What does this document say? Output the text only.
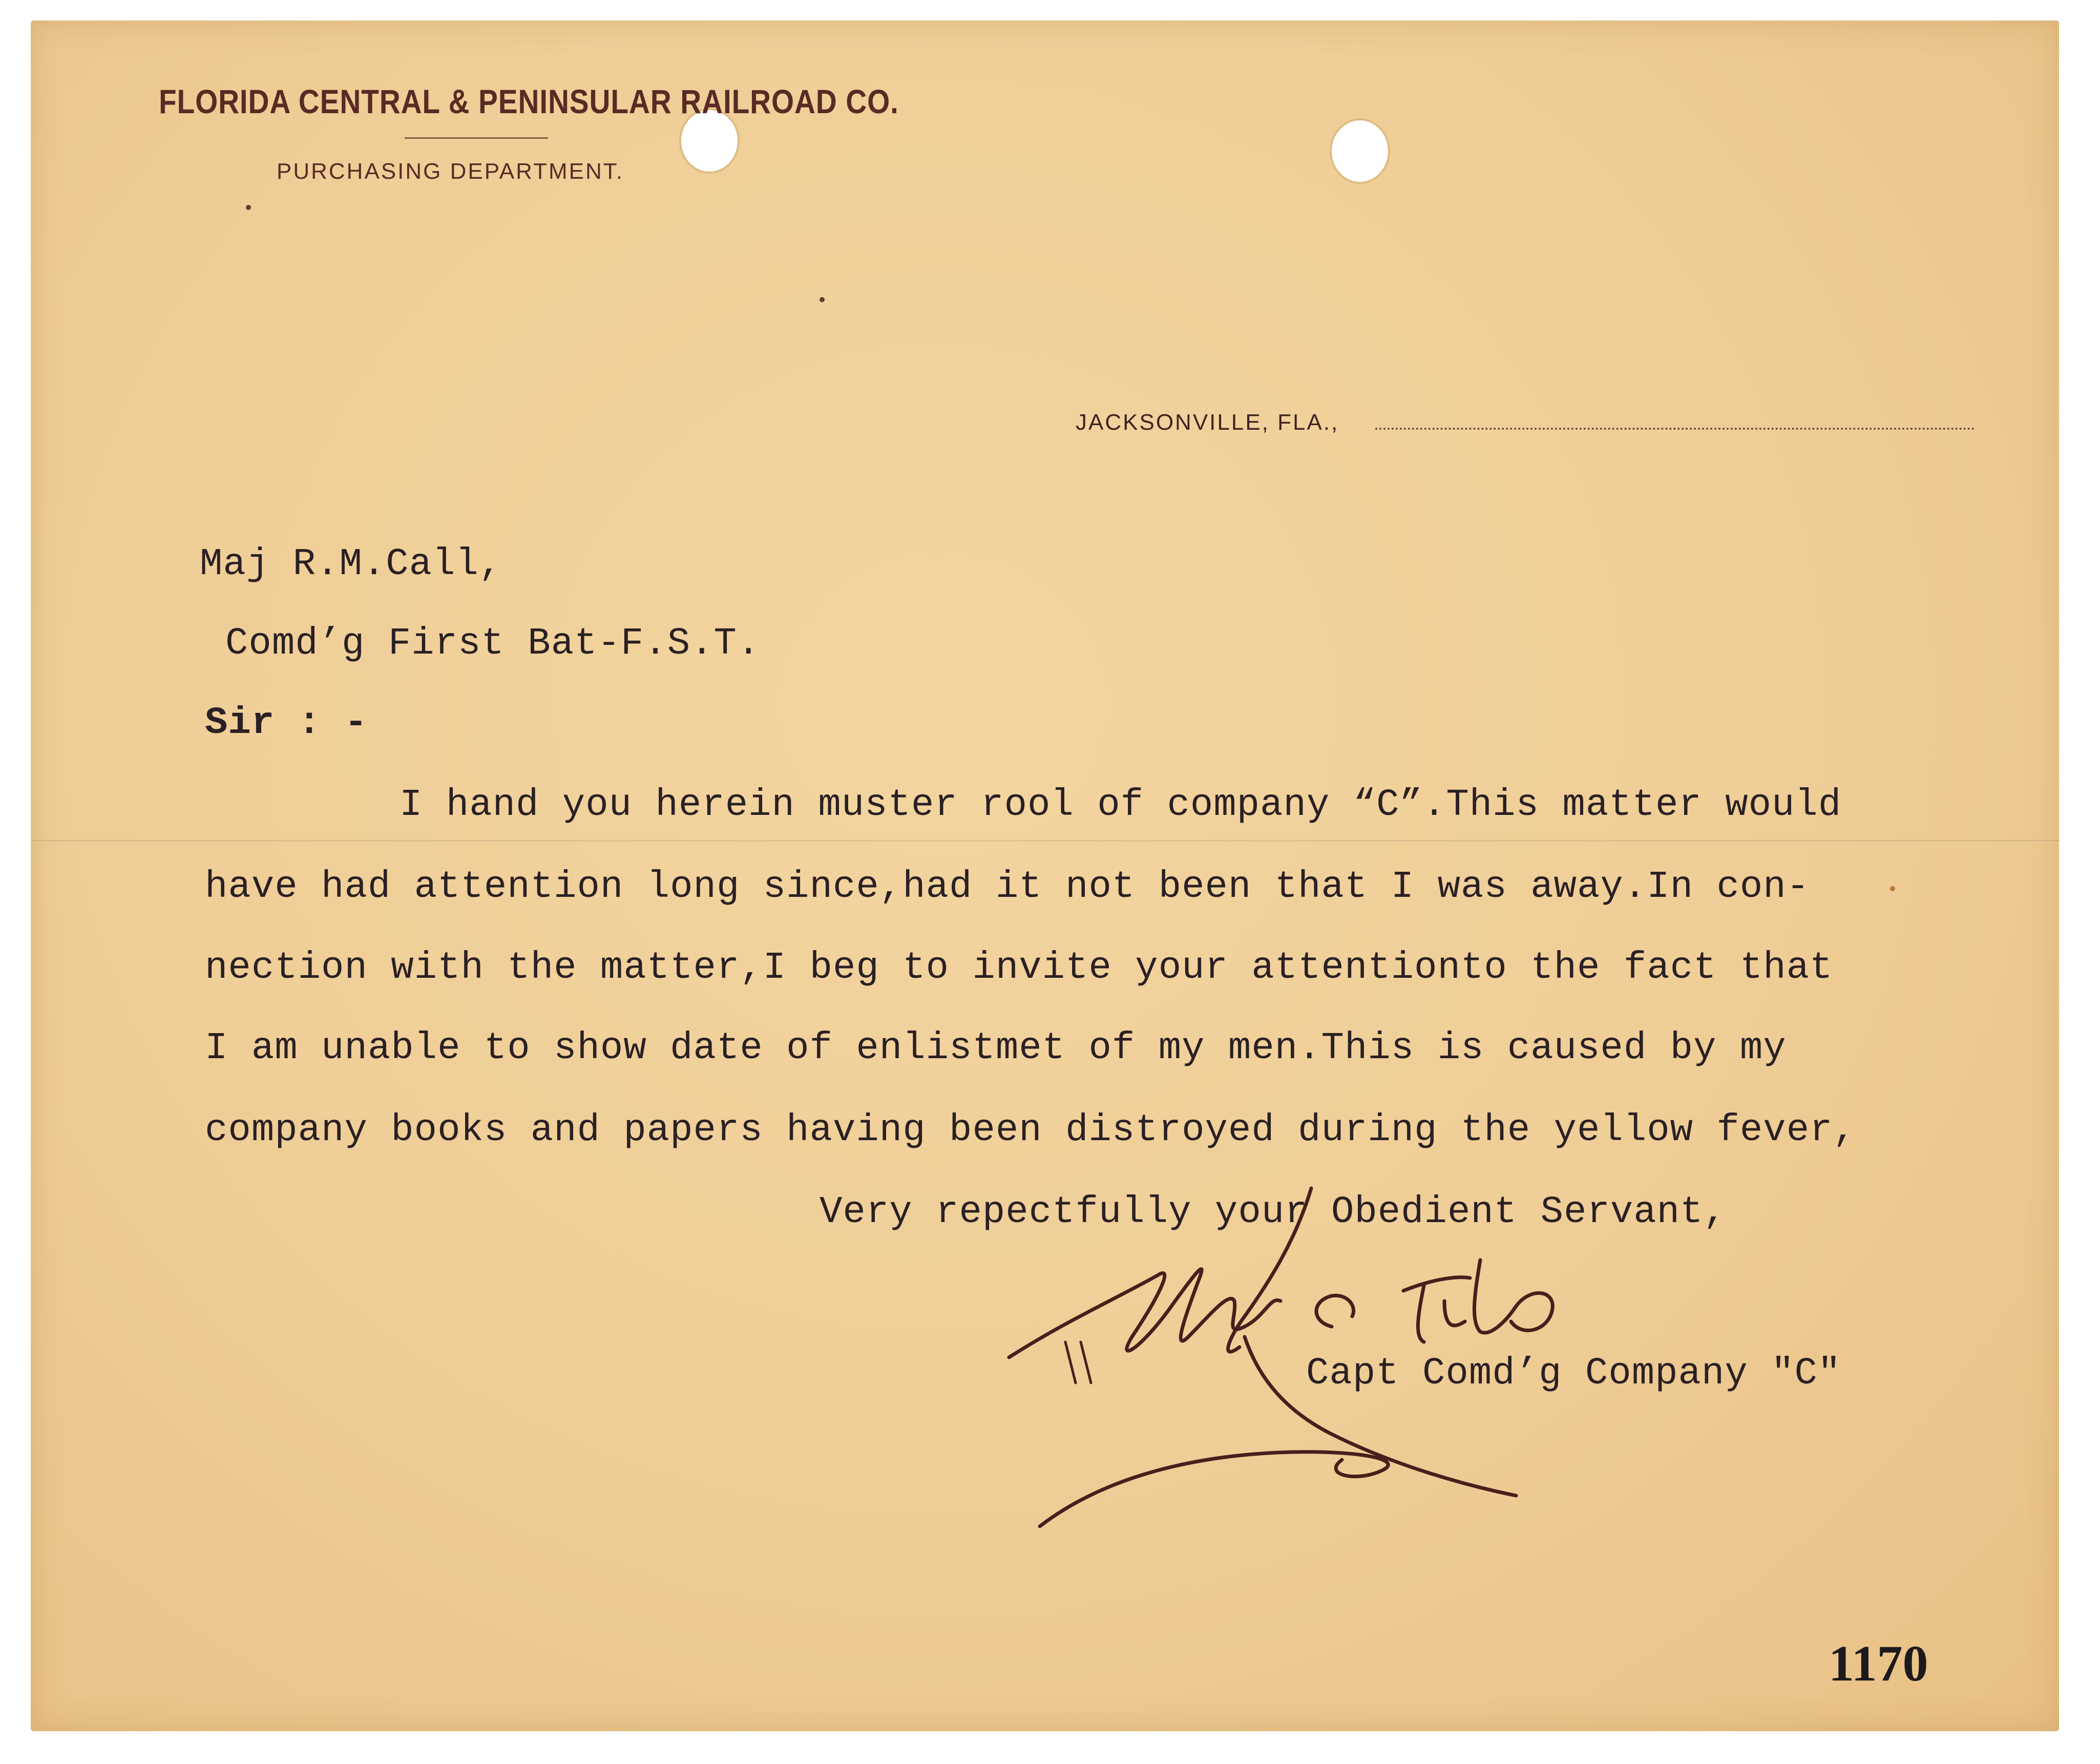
FLORIDA CENTRAL & PENINSULAR RAILROAD CO.
PURCHASING DEPARTMENT.
JACKSONVILLE, FLA.,
Maj R.M.Call,
Comd’g First Bat-F.S.T.
Sir : -
I hand you herein muster rool of company “C”.This matter would
have had attention long since,had it not been that I was away.In con-
nection with the matter,I beg to invite your attentionto the fact that
I am unable to show date of enlistmet of my men.This is caused by my
company books and papers having been distroyed during the yellow fever,
Very repectfully your Obedient Servant,
Capt Comd’g Company "C"
1170
